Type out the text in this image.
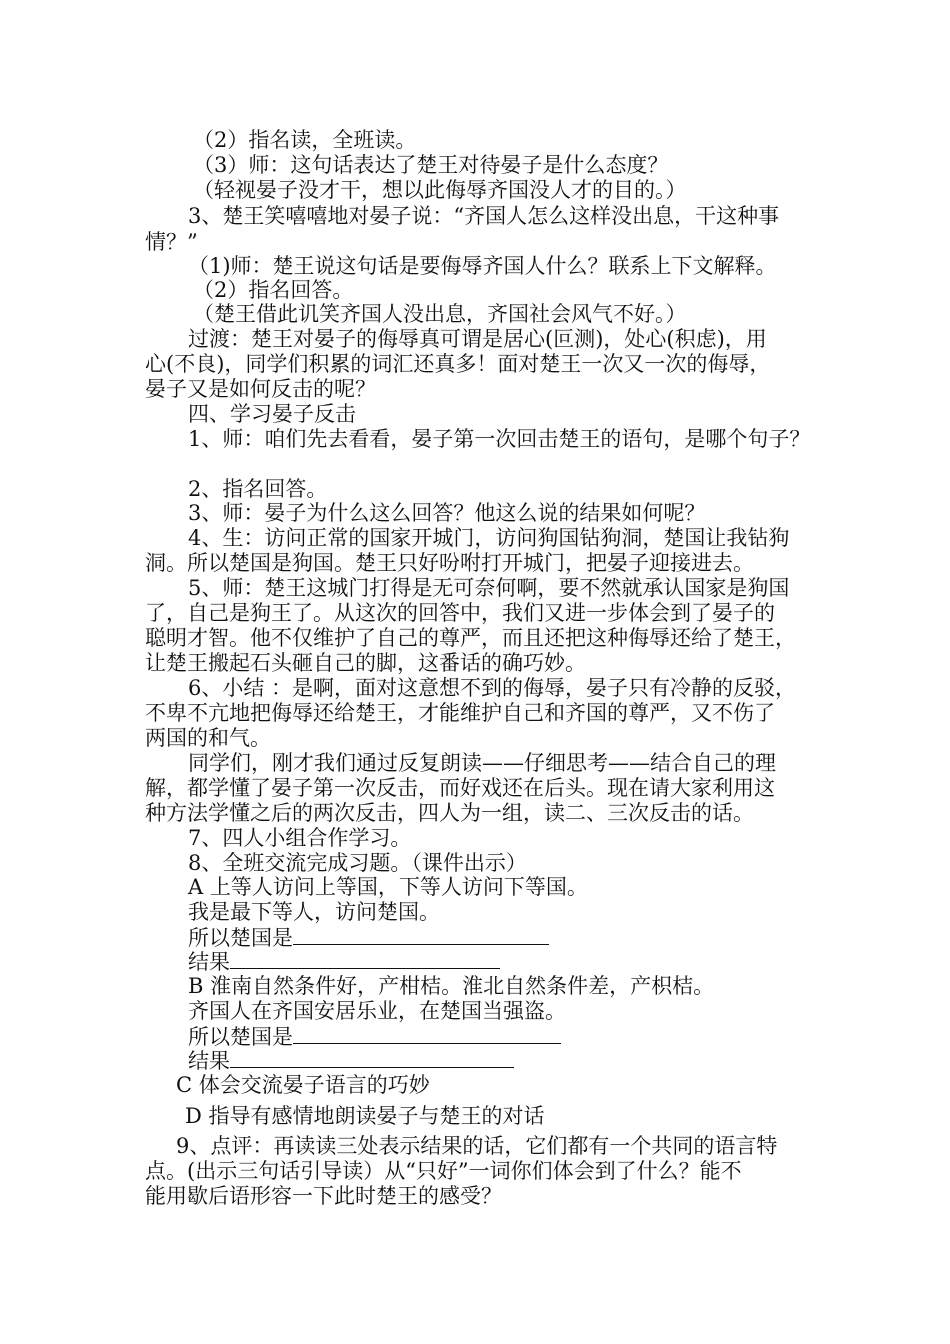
（2）指名读，全班读。
（3）师：这句话表达了楚王对待晏子是什么态度？
（轻视晏子没才干，想以此侮辱齐国没人才的目的。）
3、楚王笑嘻嘻地对晏子说：“齐国人怎么这样没出息，干这种事
情？”
（1)师：楚王说这句话是要侮辱齐国人什么？联系上下文解释。
（2）指名回答。
（楚王借此讥笑齐国人没出息，齐国社会风气不好。）
过渡：楚王对晏子的侮辱真可谓是居心(叵测)，处心(积虑)，用
心(不良)，同学们积累的词汇还真多！面对楚王一次又一次的侮辱，
晏子又是如何反击的呢？
四、学习晏子反击
1、师：咱们先去看看，晏子第一次回击楚王的语句，是哪个句子？
2、指名回答。
3、师：晏子为什么这么回答？他这么说的结果如何呢？
4、生：访问正常的国家开城门，访问狗国钻狗洞，楚国让我钻狗
洞。所以楚国是狗国。楚王只好吩咐打开城门，把晏子迎接进去。
5、师：楚王这城门打得是无可奈何啊，要不然就承认国家是狗国
了，自己是狗王了。从这次的回答中，我们又进一步体会到了晏子的
聪明才智。他不仅维护了自己的尊严，而且还把这种侮辱还给了楚王，
让楚王搬起石头砸自己的脚，这番话的确巧妙。
6、小结 ：是啊，面对这意想不到的侮辱，晏子只有冷静的反驳，
不卑不亢地把侮辱还给楚王，才能维护自己和齐国的尊严，又不伤了
两国的和气。
同学们，刚才我们通过反复朗读——仔细思考——结合自己的理
解，都学懂了晏子第一次反击，而好戏还在后头。现在请大家利用这
种方法学懂之后的两次反击，四人为一组，读二、三次反击的话。
7、四人小组合作学习。
8、全班交流完成习题。（课件出示）
A 上等人访问上等国，下等人访问下等国。
我是最下等人，访问楚国。
所以楚国是
结果
B 淮南自然条件好，产柑桔。淮北自然条件差，产枳桔。
齐国人在齐国安居乐业，在楚国当强盗。
所以楚国是
结果
C 体会交流晏子语言的巧妙
D 指导有感情地朗读晏子与楚王的对话
9、点评：再读读三处表示结果的话，它们都有一个共同的语言特
点。(出示三句话引导读）从“只好”一词你们体会到了什么？能不
能用歇后语形容一下此时楚王的感受？
